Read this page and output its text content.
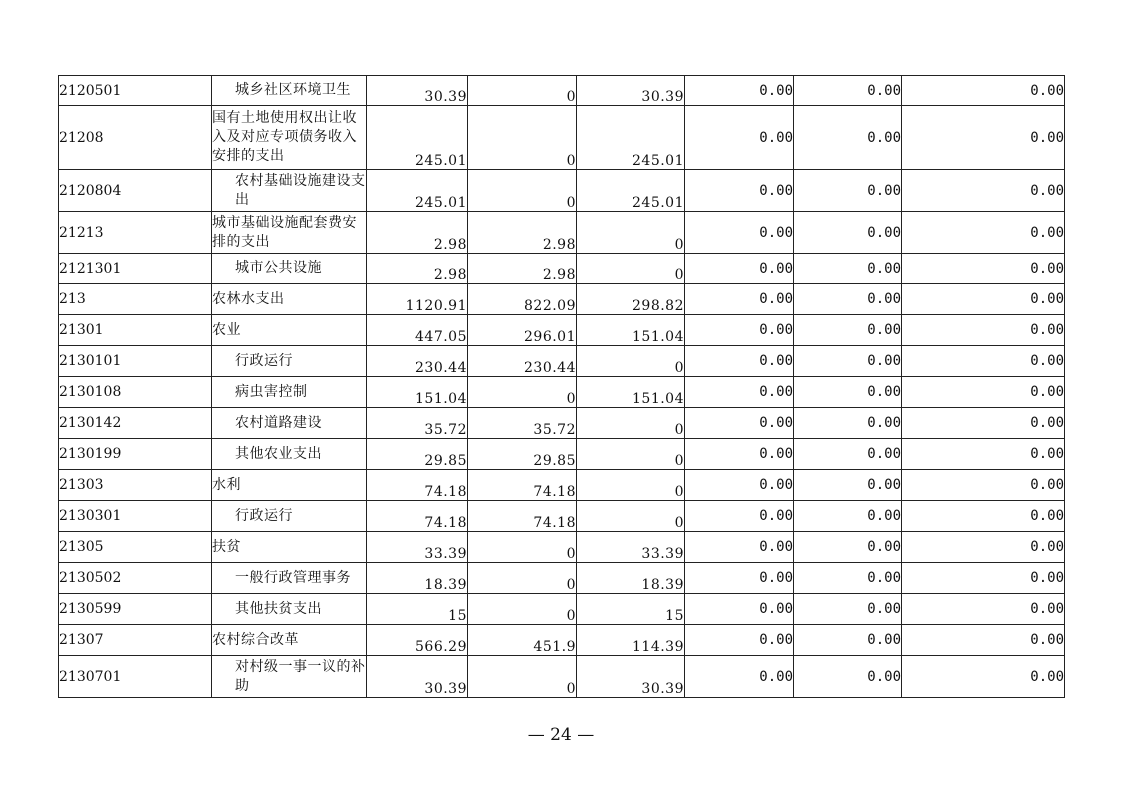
2120501	城乡社区环境卫生	30.39	0	30.39	0.00	0.00	0.00
21208	国有土地使用权出让收入及对应专项债务收入安排的支出	245.01	0	245.01	0.00	0.00	0.00
2120804	农村基础设施建设支出	245.01	0	245.01	0.00	0.00	0.00
21213	城市基础设施配套费安排的支出	2.98	2.98	0	0.00	0.00	0.00
2121301	城市公共设施	2.98	2.98	0	0.00	0.00	0.00
213	农林水支出	1120.91	822.09	298.82	0.00	0.00	0.00
21301	农业	447.05	296.01	151.04	0.00	0.00	0.00
2130101	行政运行	230.44	230.44	0	0.00	0.00	0.00
2130108	病虫害控制	151.04	0	151.04	0.00	0.00	0.00
2130142	农村道路建设	35.72	35.72	0	0.00	0.00	0.00
2130199	其他农业支出	29.85	29.85	0	0.00	0.00	0.00
21303	水利	74.18	74.18	0	0.00	0.00	0.00
2130301	行政运行	74.18	74.18	0	0.00	0.00	0.00
21305	扶贫	33.39	0	33.39	0.00	0.00	0.00
2130502	一般行政管理事务	18.39	0	18.39	0.00	0.00	0.00
2130599	其他扶贫支出	15	0	15	0.00	0.00	0.00
21307	农村综合改革	566.29	451.9	114.39	0.00	0.00	0.00
2130701	对村级一事一议的补助	30.39	0	30.39	0.00	0.00	0.00
— 24 —
